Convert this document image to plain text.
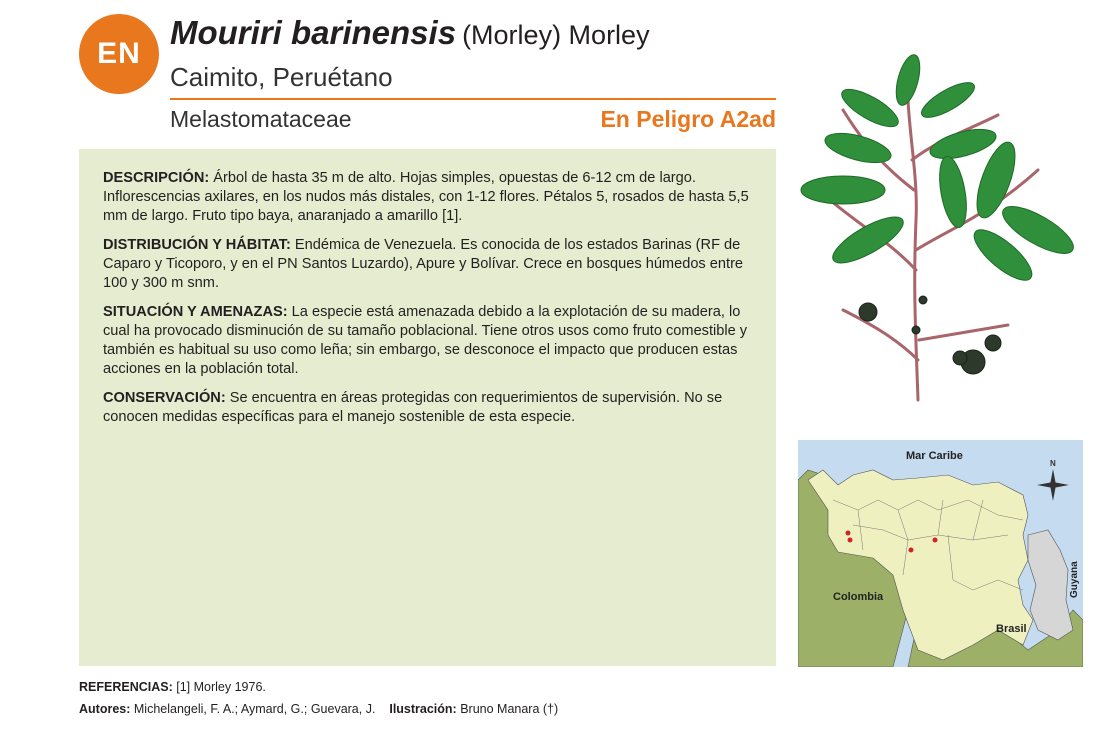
EN
Mouriri barinensis (Morley) Morley
Caimito, Peruétano
Melastomataceae	En Peligro A2ad

DESCRIPCIÓN: Árbol de hasta 35 m de alto. Hojas simples, opuestas de 6-12 cm de largo. Inflorescencias axilares, en los nudos más distales, con 1-12 flores. Pétalos 5, rosados de hasta 5,5 mm de largo. Fruto tipo baya, anaranjado a amarillo [1].

DISTRIBUCIÓN Y HÁBITAT: Endémica de Venezuela. Es conocida de los estados Barinas (RF de Caparo y Ticoporo, y en el PN Santos Luzardo), Apure y Bolívar. Crece en bosques húmedos entre 100 y 300 m snm.

SITUACIÓN Y AMENAZAS: La especie está amenazada debido a la explotación de su madera, lo cual ha provocado disminución de su tamaño poblacional. Tiene otros usos como fruto comestible y también es habitual su uso como leña; sin embargo, se desconoce el impacto que producen estas acciones en la población total.

CONSERVACIÓN: Se encuentra en áreas protegidas con requerimientos de supervisión. No se conocen medidas específicas para el manejo sostenible de esta especie.

Mar Caribe
Colombia
Brasil
Guyana
N
REFERENCIAS: [1] Morley 1976.
Autores: Michelangeli, F. A.; Aymard, G.; Guevara, J. Ilustración: Bruno Manara (†)
